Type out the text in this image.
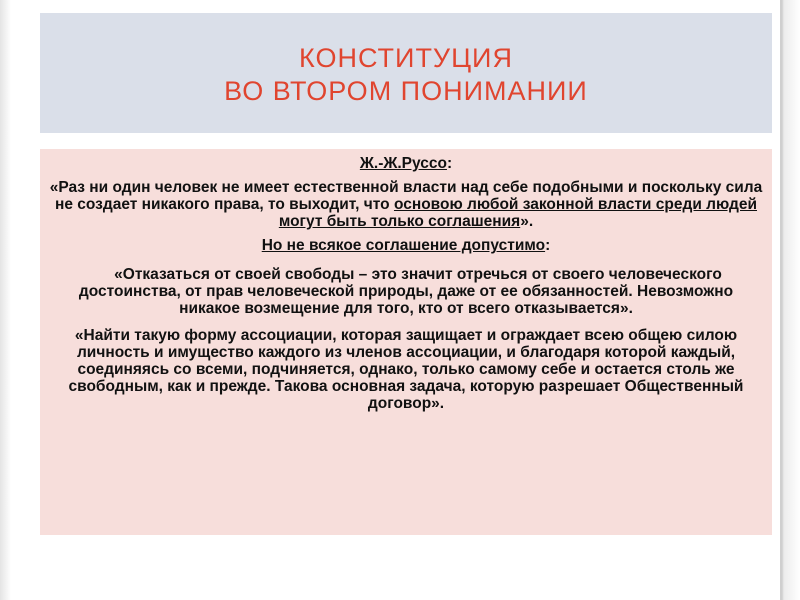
КОНСТИТУЦИЯ
ВО ВТОРОМ ПОНИМАНИИ

Ж.-Ж.Руссо:

«Раз ни один человек не имеет естественной власти над себе подобными и поскольку сила не создает никакого права, то выходит, что основою любой законной власти среди людей могут быть только соглашения».

Но не всякое соглашение допустимо:

«Отказаться от своей свободы – это значит отречься от своего человеческого достоинства, от прав человеческой природы, даже от ее обязанностей. Невозможно никакое возмещение для того, кто от всего отказывается».

«Найти такую форму ассоциации, которая защищает и ограждает всею общею силою личность и имущество каждого из членов ассоциации, и благодаря которой каждый, соединяясь со всеми, подчиняется, однако, только самому себе и остается столь же свободным, как и прежде. Такова основная задача, которую разрешает Общественный договор».
